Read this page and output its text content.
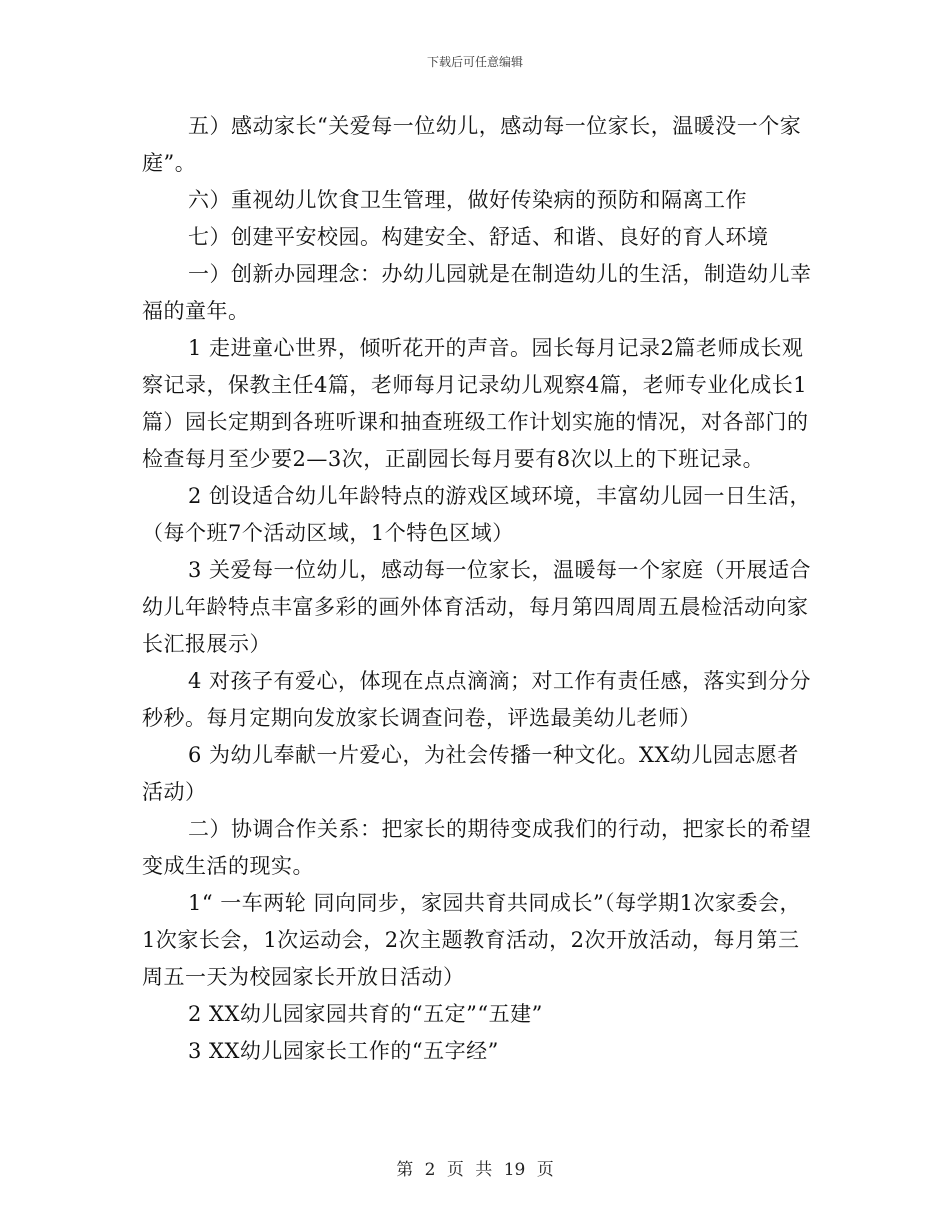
下载后可任意编辑

五）感动家长“关爱每一位幼儿，感动每一位家长，温暖没一个家庭”。

六）重视幼儿饮食卫生管理，做好传染病的预防和隔离工作

七）创建平安校园。构建安全、舒适、和谐、良好的育人环境

一）创新办园理念：办幼儿园就是在制造幼儿的生活，制造幼儿幸福的童年。

1 走进童心世界，倾听花开的声音。园长每月记录2篇老师成长观察记录，保教主任4篇，老师每月记录幼儿观察4篇，老师专业化成长1篇）园长定期到各班听课和抽查班级工作计划实施的情况，对各部门的检查每月至少要2—3次，正副园长每月要有8次以上的下班记录。

2 创设适合幼儿年龄特点的游戏区域环境，丰富幼儿园一日生活，（每个班7个活动区域，1个特色区域）

3 关爱每一位幼儿，感动每一位家长，温暖每一个家庭（开展适合幼儿年龄特点丰富多彩的画外体育活动，每月第四周周五晨检活动向家长汇报展示）

4 对孩子有爱心，体现在点点滴滴；对工作有责任感，落实到分分秒秒。每月定期向发放家长调查问卷，评选最美幼儿老师）

6 为幼儿奉献一片爱心，为社会传播一种文化。XX幼儿园志愿者活动）

二）协调合作关系：把家长的期待变成我们的行动，把家长的希望变成生活的现实。

1“ 一车两轮 同向同步，家园共育共同成长”（每学期1次家委会，1次家长会，1次运动会，2次主题教育活动，2次开放活动，每月第三周五一天为校园家长开放日活动）

2 XX幼儿园家园共育的“五定”“五建”

3 XX幼儿园家长工作的“五字经”

第 2 页 共 19 页
